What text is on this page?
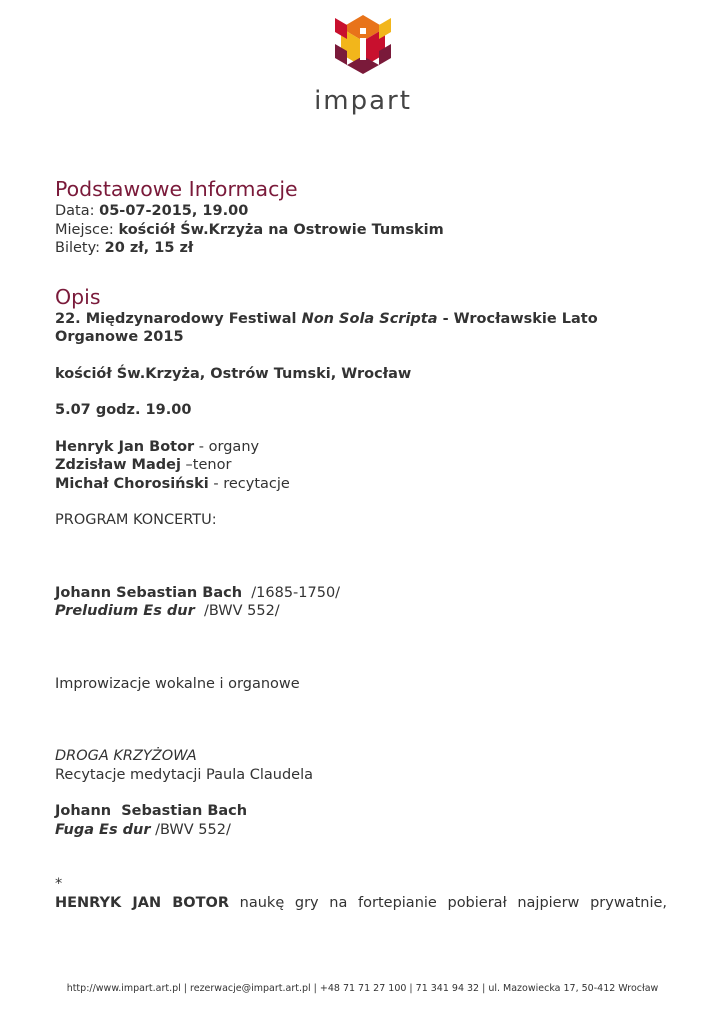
impart
Podstawowe Informacje

Data: 05-07-2015, 19.00

Miejsce: kościół Św.Krzyża na Ostrowie Tumskim

Bilety: 20 zł, 15 zł

Opis

22. Międzynarodowy Festiwal Non Sola Scripta - Wrocławskie Lato

Organowe 2015

kościół Św.Krzyża, Ostrów Tumski, Wrocław

5.07 godz. 19.00

Henryk Jan Botor - organy

Zdzisław Madej –tenor

Michał Chorosiński - recytacje

PROGRAM KONCERTU:

Johann Sebastian Bach  /1685-1750/

Preludium Es dur  /BWV 552/

Improwizacje wokalne i organowe

DROGA KRZYŻOWA

Recytacje medytacji Paula Claudela

Johann  Sebastian Bach

Fuga Es dur /BWV 552/

*

HENRYK JAN BOTOR naukę gry na fortepianie pobierał najpierw prywatnie,

http://www.impart.art.pl | rezerwacje@impart.art.pl | +48 71 71 27 100 | 71 341 94 32 | ul. Mazowiecka 17, 50-412 Wrocław
